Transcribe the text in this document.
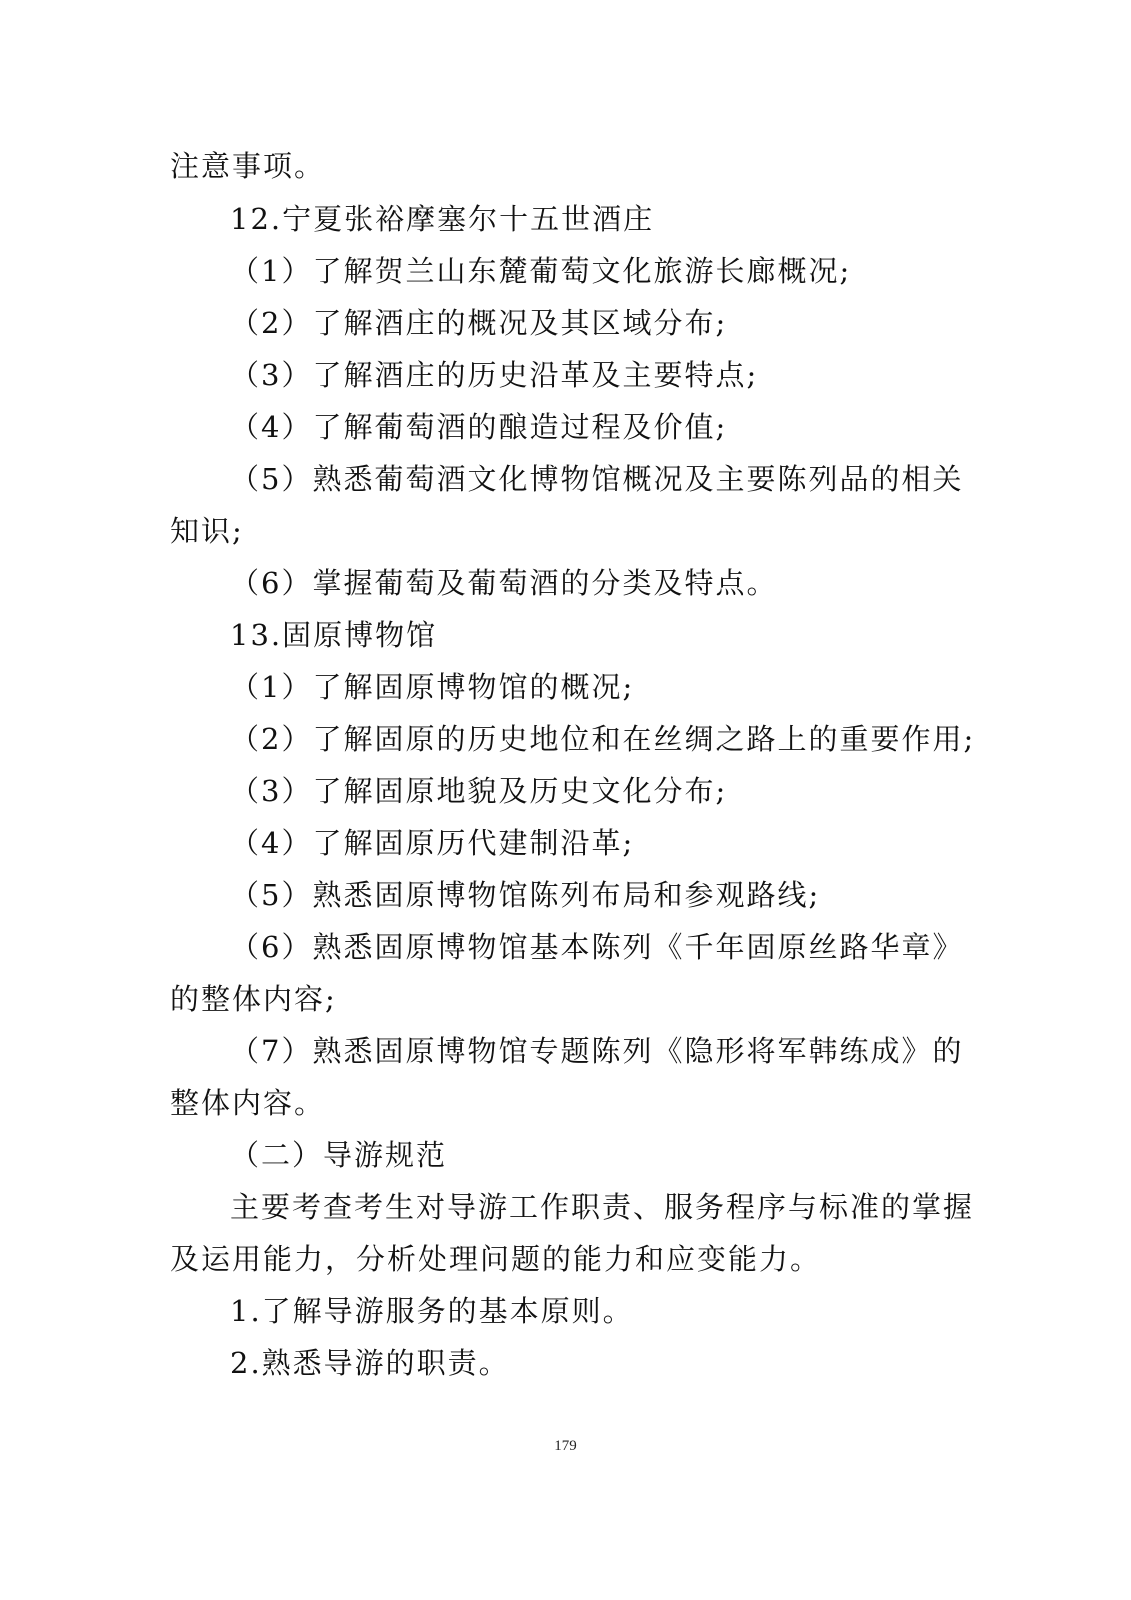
注意事项。
12.宁夏张裕摩塞尔十五世酒庄
（1）了解贺兰山东麓葡萄文化旅游长廊概况;
（2）了解酒庄的概况及其区域分布;
（3）了解酒庄的历史沿革及主要特点;
（4）了解葡萄酒的酿造过程及价值;
（5）熟悉葡萄酒文化博物馆概况及主要陈列品的相关
知识;
（6）掌握葡萄及葡萄酒的分类及特点。
13.固原博物馆
（1）了解固原博物馆的概况;
（2）了解固原的历史地位和在丝绸之路上的重要作用;
（3）了解固原地貌及历史文化分布;
（4）了解固原历代建制沿革;
（5）熟悉固原博物馆陈列布局和参观路线;
（6）熟悉固原博物馆基本陈列《千年固原丝路华章》
的整体内容;
（7）熟悉固原博物馆专题陈列《隐形将军韩练成》的
整体内容。
（二）导游规范
主要考查考生对导游工作职责、服务程序与标准的掌握
及运用能力，分析处理问题的能力和应变能力。
1.了解导游服务的基本原则。
2.熟悉导游的职责。
179
